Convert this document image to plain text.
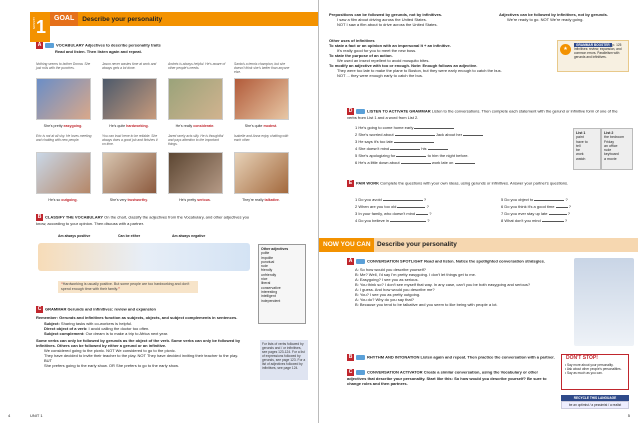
LESSON 1	GOAL	Describe your personality
A	VOCABULARY Adjectives to describe personality traits
Read and listen. Then listen again and repeat.
Nothing seems to bother Donna. She just rolls with the punches.
Jason never wastes time at work and always gets a lot done.
Andrés is always helpful. He's aware of other people's needs.
Santa's a tennis champion, but she doesn't think she's better than anyone else.
She's pretty easygoing.	He's quite hardworking.	He's really considerate.	She's quite modest.
Eric is not at all shy. He loves meeting and chatting with new people.
You can trust Irene to be reliable. She always does a good job and finishes it on time.
Jared rarely acts silly. He is thoughtful and pays attention to the important things.
Isabelle and Anna enjoy chatting with each other.
He's so outgoing.	She's very trustworthy.	He's pretty serious.	They're really talkative.
B CLASSIFY THE VOCABULARY On the chart, classify the adjectives from the Vocabulary, and other adjectives you know, according to your opinion. Then discuss with a partner.
Am always positive	Can be either	Am always negative
Other adjectives
polite
impolite
punctual
rude
friendly
unfriendly
nice
liberal
conservative
interesting
intelligent
independent
“Hardworking is usually positive. But some people are too hardworking and don't spend enough time with their family.”
C GRAMMAR Gerunds and infinitives: review and expansion
Remember: Gerunds and infinitives function as subjects, objects, and subject complements in sentences.
Subject: Sharing tasks with co-workers is helpful.
Direct object of a verb: I avoid calling the doctor too often.
Subject complement: Our dream is to make a trip to Africa next year.
Some verbs can only be followed by gerunds as the object of the verb. Some verbs can only be followed by infinitives. Others can be followed by either a gerund or an infinitive.
We considered going to the picnic. NOT We considered to go to the picnic.
They have decided to invite their teacher to the play. NOT They have decided inviting their teacher to the play.
BUT
She prefers going to the early show. OR She prefers to go to the early show.
For lists of verbs followed by gerunds and / or infinitives, see pages 123-124. For a list of expressions followed by gerunds, see page 123. For a list of adjectives followed by infinitives, see page 124.
4	UNIT 1
Prepositions can be followed by gerunds, not by infinitives.
I saw a film about driving across the United States.
NOT I saw a film about to drive across the United States.
Adjectives can be followed by infinitives, not by gerunds.
We're ready to go. NOT We're ready going.
Other uses of infinitives
To state a fact or an opinion with an impersonal It + an infinitive.
It's really good for you to meet the new boss.
To state the purpose of an action.
We used an insect repellent to avoid mosquito bites.
To modify an adjective with too or enough. Note: Enough follows an adjective.
They were too late to make the plane to Boston, but they were early enough to catch the bus.
NOT ... they were enough early to catch the bus.
★
GRAMMAR BOOSTER p. 125
Infinitives: review, expansion, and common errors. Parallelism with gerunds and infinitives.
D	LISTEN TO ACTIVATE GRAMMAR Listen to the conversations. Then complete each statement with the gerund or infinitive form of one of the verbs from List 1 and a word from List 2.
1 He's going to come home early
2 She's worried about	Jack about her
3 He says it's too late
4 She doesn't mind	his
5 She's apologizing for	to him the night before.
6 He's a little down about	work late on
List 1
paint
have to
tell
be
work
watch
List 2
the bedroom
Friday
an office
rude
keyboard
a movie
E PAIR WORK Complete the questions with your own ideas, using gerunds or infinitives. Answer your partner's questions.
1 Do you avoid	?
2 When are you too old	?
3 In your family, who doesn't mind	?
4 Do you believe in	?
5 Do you object to	?
6 Do you think it's a good time	?
7 Do you ever stay up late	?
8 What don't you mind	?
NOW YOU CAN Describe your personality
A	CONVERSATION SPOTLIGHT Read and listen. Notice the spotlighted conversation strategies.
A: So how would you describe yourself?
B: Me? Well, I'd say I'm pretty easygoing. I don't let things get to me.
A: Easygoing? I see you as serious.
B: You think so? I don't see myself that way. In any case, can't you be both easygoing and serious?
A: I guess. And how would you describe me?
B: You? I see you as pretty outgoing.
A: You do? Why do you say that?
B: Because you tend to be talkative and you seem to like being with people a lot.
B	RHYTHM AND INTONATION Listen again and repeat. Then practice the conversation with a partner.
C	CONVERSATION ACTIVATOR Create a similar conversation, using the Vocabulary or other adjectives that describe your personality. Start like this: So how would you describe yourself? Be sure to change roles and then partners.
DON'T STOP!
• Say more about your personality.
• Ask about other people's personalities.
• Say as much as you can.
RECYCLE THIS LANGUAGE
be an optimist / a pessimist / a realist
5
